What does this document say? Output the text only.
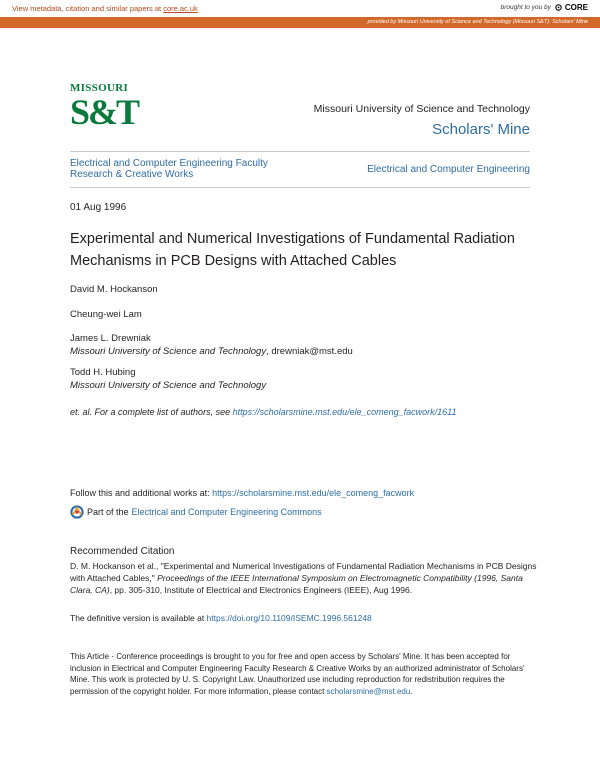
View metadata, citation and similar papers at core.ac.uk	brought to you by CORE
provided by Missouri University of Science and Technology (Missouri S&T): Scholars' Mine
MISSOURI
S&T	Missouri University of Science and Technology
Scholars' Mine
Electrical and Computer Engineering Faculty Research & Creative Works	Electrical and Computer Engineering
01 Aug 1996
Experimental and Numerical Investigations of Fundamental Radiation Mechanisms in PCB Designs with Attached Cables
David M. Hockanson
Cheung-wei Lam
James L. Drewniak
Missouri University of Science and Technology, drewniak@mst.edu
Todd H. Hubing
Missouri University of Science and Technology
et. al. For a complete list of authors, see https://scholarsmine.mst.edu/ele_comeng_facwork/1611
Follow this and additional works at: https://scholarsmine.mst.edu/ele_comeng_facwork
Part of the Electrical and Computer Engineering Commons
Recommended Citation
D. M. Hockanson et al., "Experimental and Numerical Investigations of Fundamental Radiation Mechanisms in PCB Designs with Attached Cables," Proceedings of the IEEE International Symposium on Electromagnetic Compatibility (1996, Santa Clara, CA), pp. 305-310, Institute of Electrical and Electronics Engineers (IEEE), Aug 1996.
The definitive version is available at https://doi.org/10.1109/ISEMC.1996.561248
This Article - Conference proceedings is brought to you for free and open access by Scholars' Mine. It has been accepted for inclusion in Electrical and Computer Engineering Faculty Research & Creative Works by an authorized administrator of Scholars' Mine. This work is protected by U. S. Copyright Law. Unauthorized use including reproduction for redistribution requires the permission of the copyright holder. For more information, please contact scholarsmine@mst.edu.
